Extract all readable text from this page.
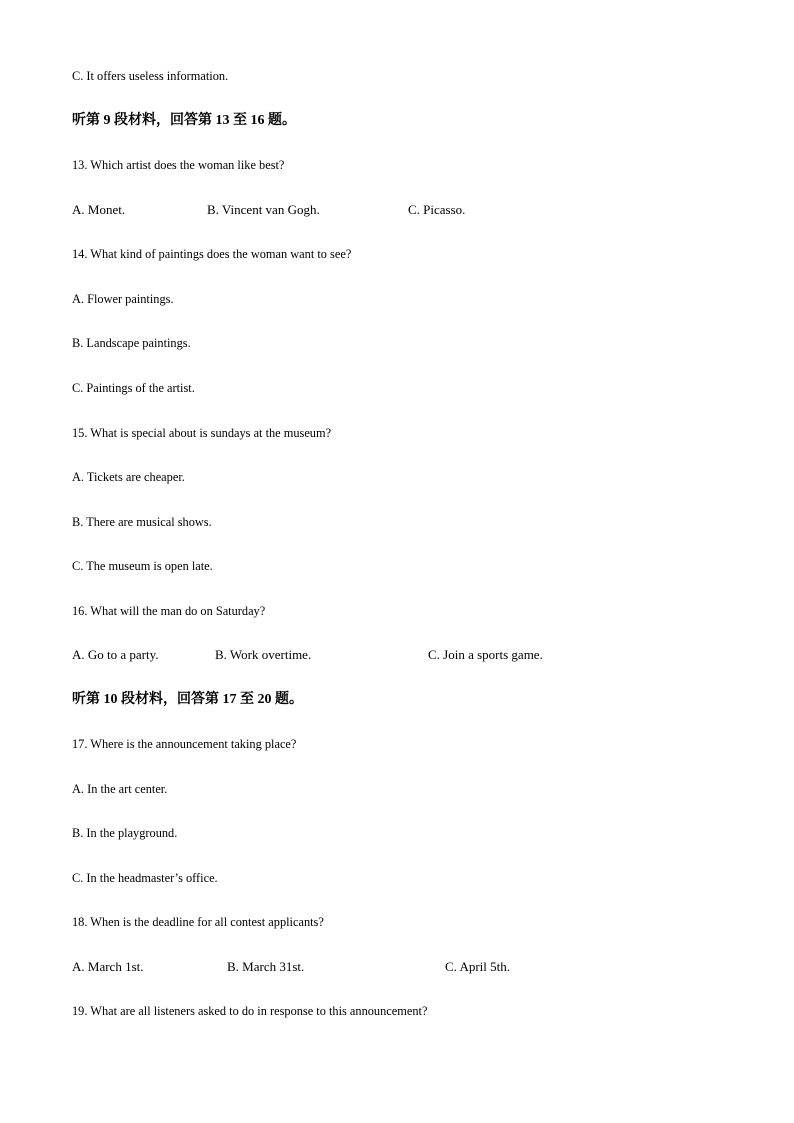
C. It offers useless information.
听第 9 段材料，回答第 13 至 16 题。
13. Which artist does the woman like best?
A. Monet.	B. Vincent van Gogh.	C. Picasso.
14. What kind of paintings does the woman want to see?
A. Flower paintings.
B. Landscape paintings.
C. Paintings of the artist.
15. What is special about is sundays at the museum?
A. Tickets are cheaper.
B. There are musical shows.
C. The museum is open late.
16. What will the man do on Saturday?
A. Go to a party.	B. Work overtime.	C. Join a sports game.
听第 10 段材料，回答第 17 至 20 题。
17. Where is the announcement taking place?
A. In the art center.
B. In the playground.
C. In the headmaster’s office.
18. When is the deadline for all contest applicants?
A. March 1st.	B. March 31st.	C. April 5th.
19. What are all listeners asked to do in response to this announcement?
